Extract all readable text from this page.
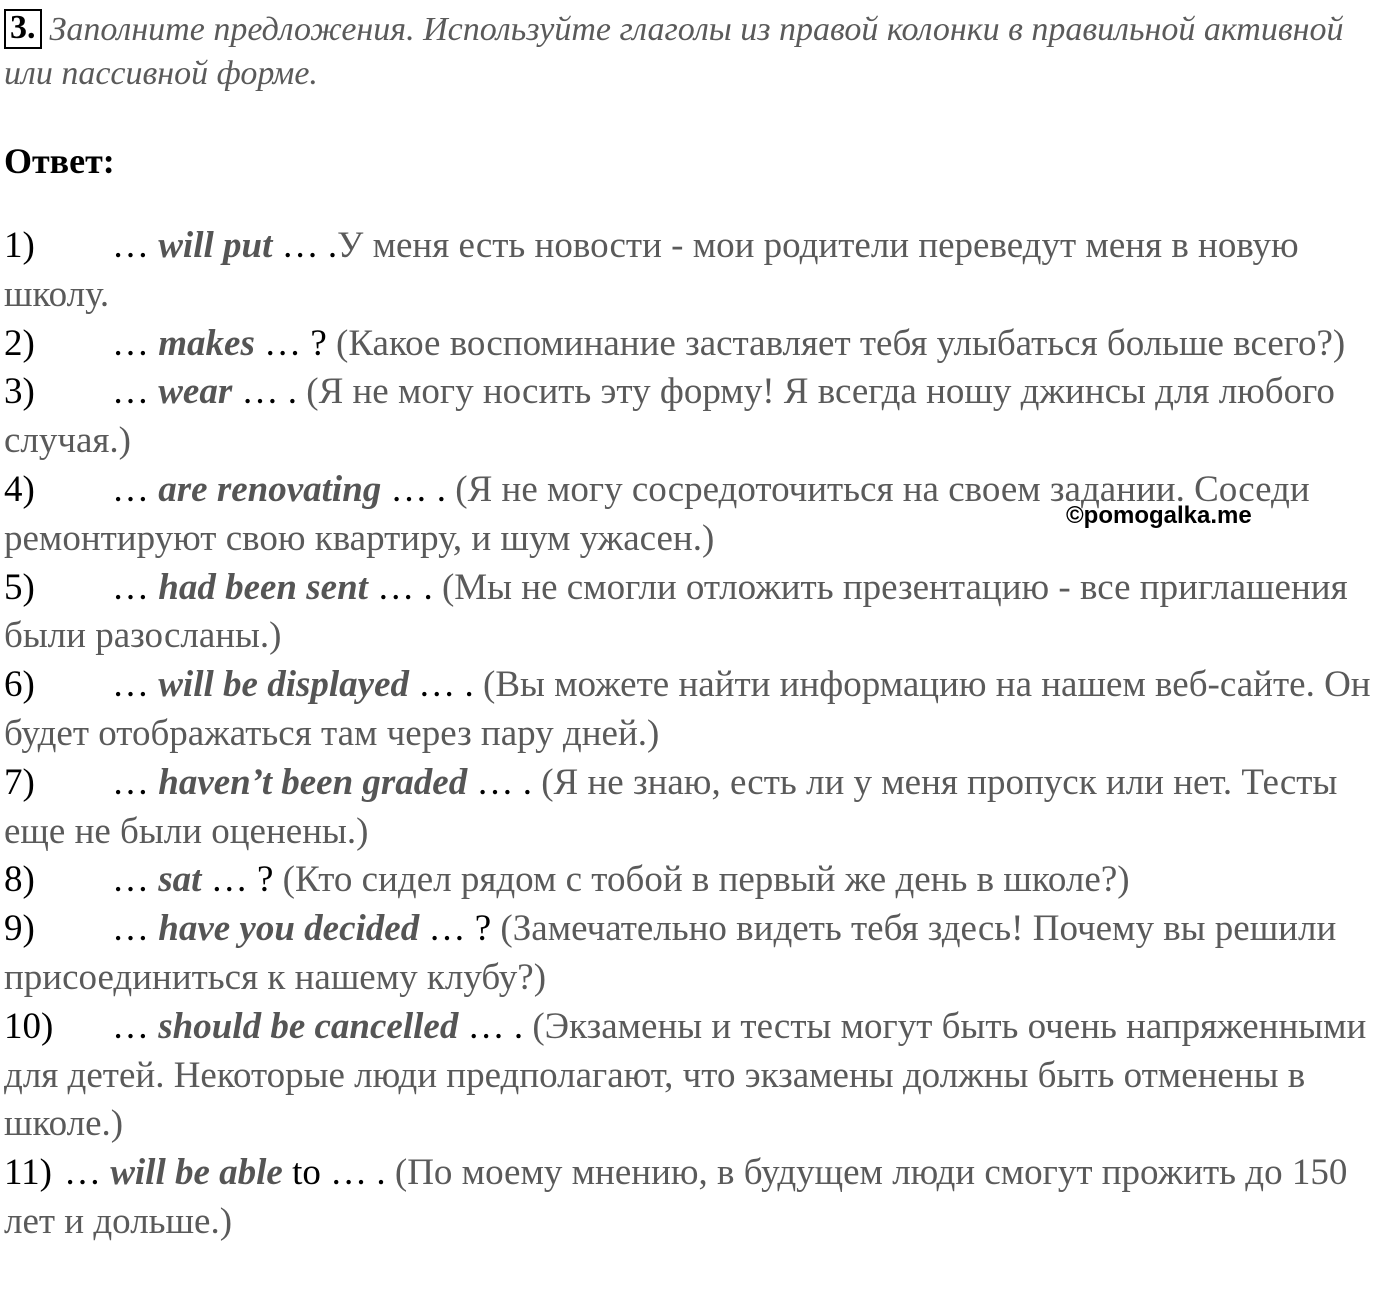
3. Заполните предложения. Используйте глаголы из правой колонки в правильной активной или пассивной форме.
Ответ:

1) … will put … .У меня есть новости - мои родители переведут меня в новую школу.

2) … makes … ? (Какое воспоминание заставляет тебя улыбаться больше всего?)

3) … wear … . (Я не могу носить эту форму! Я всегда ношу джинсы для любого случая.)

4) … are renovating … . (Я не могу сосредоточиться на своем задании. Соседи ремонтируют свою квартиру, и шум ужасен.)

5) … had been sent … . (Мы не смогли отложить презентацию - все приглашения были разосланы.)

6) … will be displayed … . (Вы можете найти информацию на нашем веб-сайте. Он будет отображаться там через пару дней.)

7) … haven’t been graded … . (Я не знаю, есть ли у меня пропуск или нет. Тесты еще не были оценены.)

8) … sat … ? (Кто сидел рядом с тобой в первый же день в школе?)

9) … have you decided … ? (Замечательно видеть тебя здесь! Почему вы решили присоединиться к нашему клубу?)

10) … should be cancelled … . (Экзамены и тесты могут быть очень напряженными для детей. Некоторые люди предполагают, что экзамены должны быть отменены в школе.)

11) … will be able to … . (По моему мнению, в будущем люди смогут прожить до 150 лет и дольше.)

©pomogalka.me
